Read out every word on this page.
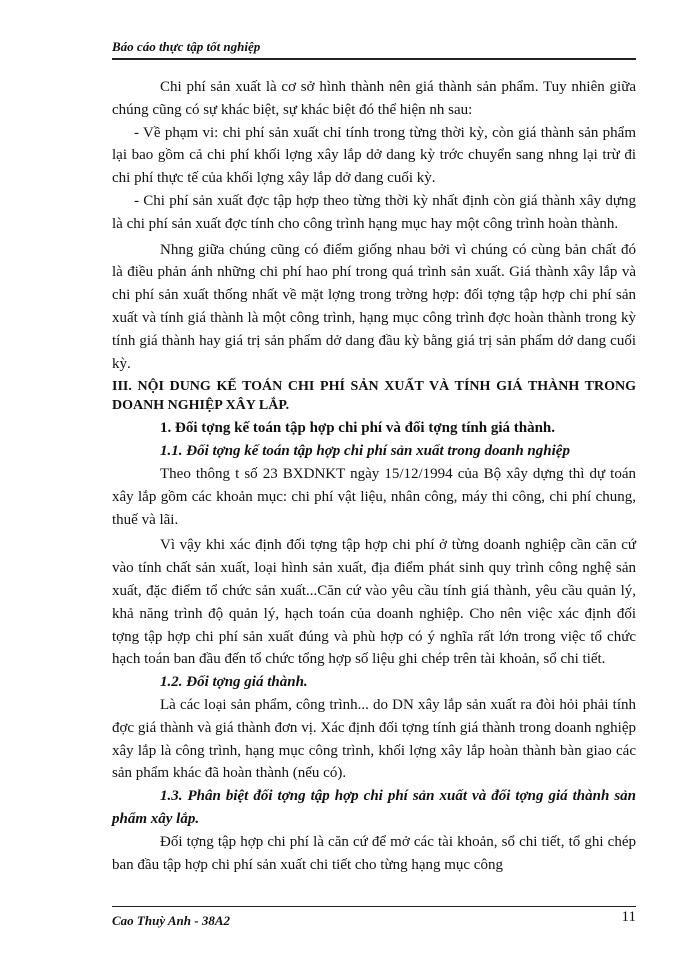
Báo cáo thực tập tốt nghiệp

Chi phí sản xuất là cơ sở hình thành nên giá thành sản phẩm. Tuy nhiên giữa chúng cũng có sự khác biệt, sự khác biệt đó thể hiện nh sau:

- Về phạm vi: chi phí sản xuất chỉ tính trong từng thời kỳ, còn giá thành sản phẩm lại bao gồm cả chi phí khối lợng xây lắp dở dang kỳ trớc chuyển sang nhng lại trừ đi chi phí thực tế của khối lợng xây lắp dở dang cuối kỳ.

- Chi phí sản xuất đợc tập hợp theo từng thời kỳ nhất định còn giá thành xây dựng là chi phí sản xuất đợc tính cho công trình hạng mục hay một công trình hoàn thành.

Nhng giữa chúng cũng có điểm giống nhau bởi vì chúng có cùng bản chất đó là điều phản ánh những chi phí hao phí trong quá trình sản xuất. Giá thành xây lắp và chi phí sản xuất thống nhất về mặt lợng trong trờng hợp: đối tợng tập hợp chi phí sản xuất và tính giá thành là một công trình, hạng mục công trình đợc hoàn thành trong kỳ tính giá thành hay giá trị sản phẩm dở dang đầu kỳ bằng giá trị sản phẩm dở dang cuối kỳ.

III. NỘI DUNG KẾ TOÁN CHI PHÍ SẢN XUẤT VÀ TÍNH GIÁ THÀNH TRONG DOANH NGHIỆP XÂY LẮP.

1. Đối tợng kế toán tập hợp chi phí và đối tợng tính giá thành.

1.1. Đối tợng kế toán tập hợp chi phí sản xuất trong doanh nghiệp

Theo thông t số 23 BXDNKT ngày 15/12/1994 của Bộ xây dựng thì dự toán xây lắp gồm các khoản mục: chi phí vật liệu, nhân công, máy thi công, chi phí chung, thuế và lãi.

Vì vậy khi xác định đối tợng tập hợp chi phí ở từng doanh nghiệp cần căn cứ vào tính chất sản xuất, loại hình sản xuất, địa điểm phát sinh quy trình công nghệ sản xuất, đặc điểm tổ chức sản xuất...Căn cứ vào yêu cầu tính giá thành, yêu cầu quản lý, khả năng trình độ quản lý, hạch toán của doanh nghiệp. Cho nên việc xác định đối tợng tập hợp chi phí sản xuất đúng và phù hợp có ý nghĩa rất lớn trong việc tổ chức hạch toán ban đầu đến tổ chức tổng hợp số liệu ghi chép trên tài khoản, sổ chi tiết.

1.2. Đối tợng giá thành.

Là các loại sản phẩm, công trình... do DN xây lắp sản xuất ra đòi hỏi phải tính đợc giá thành và giá thành đơn vị. Xác định đối tợng tính giá thành trong doanh nghiệp xây lắp là công trình, hạng mục công trình, khối lợng xây lắp hoàn thành bàn giao các sản phẩm khác đã hoàn thành (nếu có).

1.3. Phân biệt đối tợng tập hợp chi phí sản xuất và đối tợng giá thành sản phẩm xây lắp.

Đối tợng tập hợp chi phí là căn cứ để mở các tài khoản, sổ chi tiết, tổ ghi chép ban đầu tập hợp chi phí sản xuất chi tiết cho từng hạng mục công

Cao Thuỳ Anh - 38A2	11
